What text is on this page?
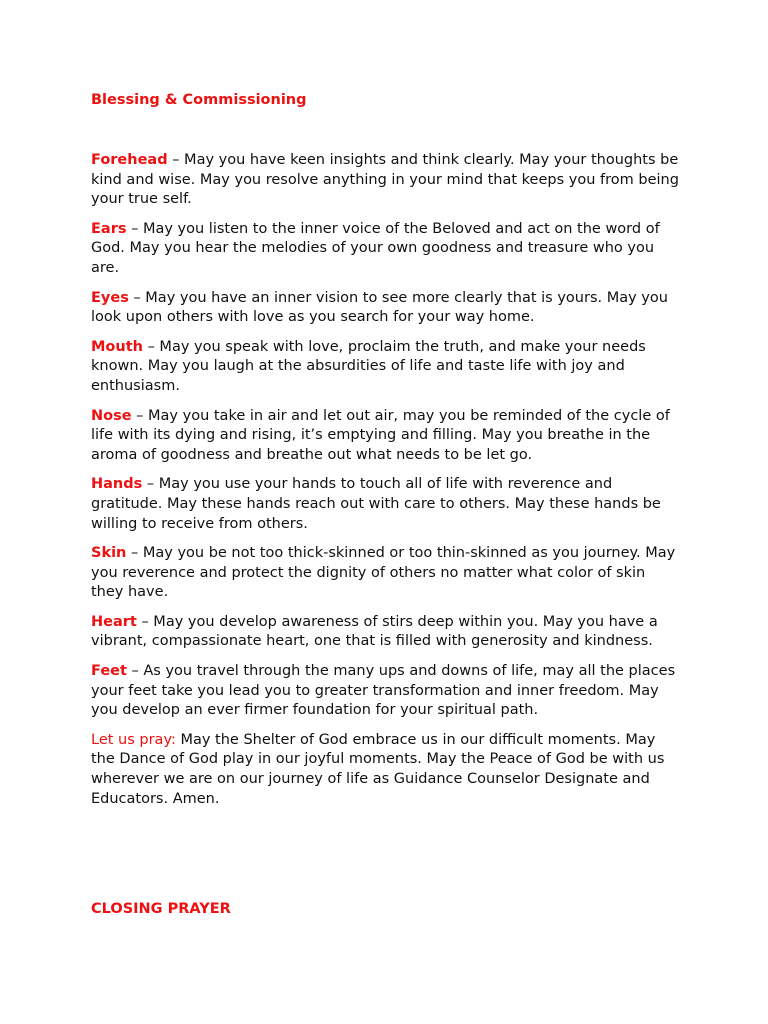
Blessing & Commissioning

Forehead – May you have keen insights and think clearly. May your thoughts be kind and wise. May you resolve anything in your mind that keeps you from being your true self.

Ears – May you listen to the inner voice of the Beloved and act on the word of God. May you hear the melodies of your own goodness and treasure who you are.

Eyes – May you have an inner vision to see more clearly that is yours. May you look upon others with love as you search for your way home.

Mouth – May you speak with love, proclaim the truth, and make your needs known. May you laugh at the absurdities of life and taste life with joy and enthusiasm.

Nose – May you take in air and let out air, may you be reminded of the cycle of life with its dying and rising, it’s emptying and filling. May you breathe in the aroma of goodness and breathe out what needs to be let go.

Hands – May you use your hands to touch all of life with reverence and gratitude. May these hands reach out with care to others. May these hands be willing to receive from others.

Skin – May you be not too thick-skinned or too thin-skinned as you journey. May you reverence and protect the dignity of others no matter what color of skin they have.

Heart – May you develop awareness of stirs deep within you. May you have a vibrant, compassionate heart, one that is filled with generosity and kindness.

Feet – As you travel through the many ups and downs of life, may all the places your feet take you lead you to greater transformation and inner freedom. May you develop an ever firmer foundation for your spiritual path.

Let us pray: May the Shelter of God embrace us in our difficult moments. May the Dance of God play in our joyful moments. May the Peace of God be with us wherever we are on our journey of life as Guidance Counselor Designate and Educators. Amen.

CLOSING PRAYER
